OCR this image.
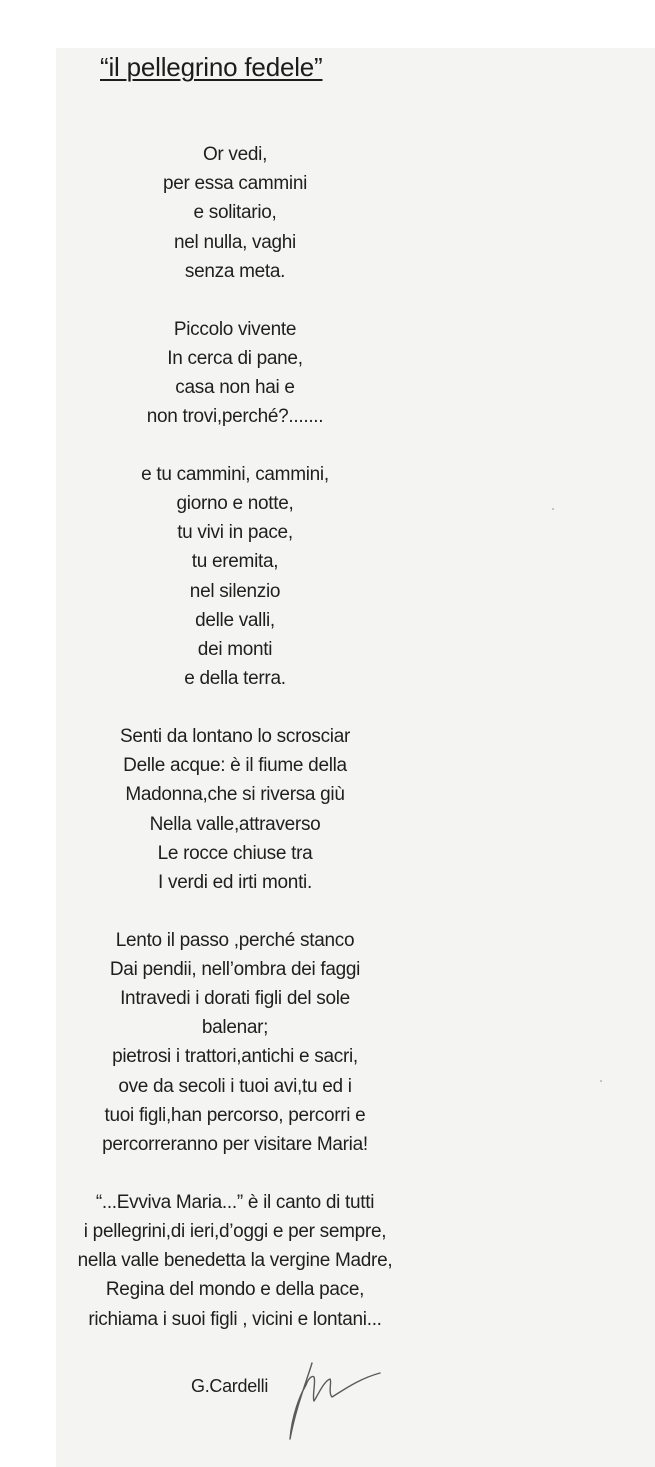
“il pellegrino fedele”

Or vedi,
per essa cammini
e solitario,
nel nulla, vaghi
senza meta.

Piccolo vivente
In cerca di pane,
casa non hai e
non trovi,perché?.......

e tu cammini, cammini,
giorno e notte,
tu vivi in pace,
tu eremita,
nel silenzio
delle valli,
dei monti
e della terra.

Senti da lontano lo scrosciar
Delle acque: è il fiume della
Madonna,che si riversa giù
Nella valle,attraverso
Le rocce chiuse tra
I verdi ed irti monti.

Lento il passo ,perché stanco
Dai pendii, nell’ombra dei faggi
Intravedi i dorati figli del sole
balenar;
pietrosi i trattori,antichi e sacri,
ove da secoli i tuoi avi,tu ed i
tuoi figli,han percorso, percorri e
percorreranno per visitare Maria!

“...Evviva Maria...” è il canto di tutti
i pellegrini,di ieri,d’oggi e per sempre,
nella valle benedetta la vergine Madre,
Regina del mondo e della pace,
richiama i suoi figli , vicini e lontani...

G.Cardelli
